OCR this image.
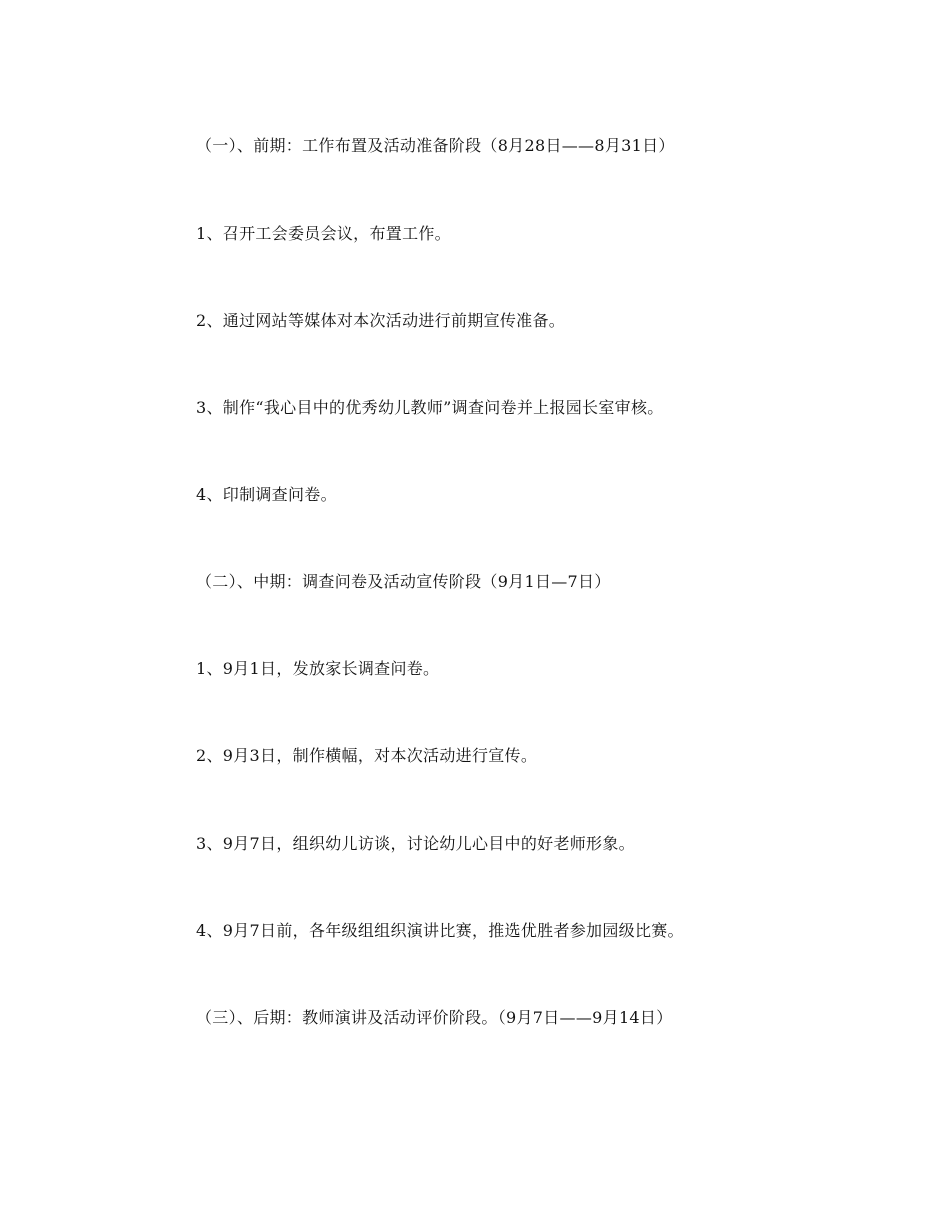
（一）、前期：工作布置及活动准备阶段（8月28日——8月31日）
1、召开工会委员会议，布置工作。
2、通过网站等媒体对本次活动进行前期宣传准备。
3、制作“我心目中的优秀幼儿教师”调查问卷并上报园长室审核。
4、印制调查问卷。
（二）、中期：调查问卷及活动宣传阶段（9月1日—7日）
1、9月1日，发放家长调查问卷。
2、9月3日，制作横幅，对本次活动进行宣传。
3、9月7日，组织幼儿访谈，讨论幼儿心目中的好老师形象。
4、9月7日前，各年级组组织演讲比赛，推选优胜者参加园级比赛。
（三）、后期：教师演讲及活动评价阶段。（9月7日——9月14日）
